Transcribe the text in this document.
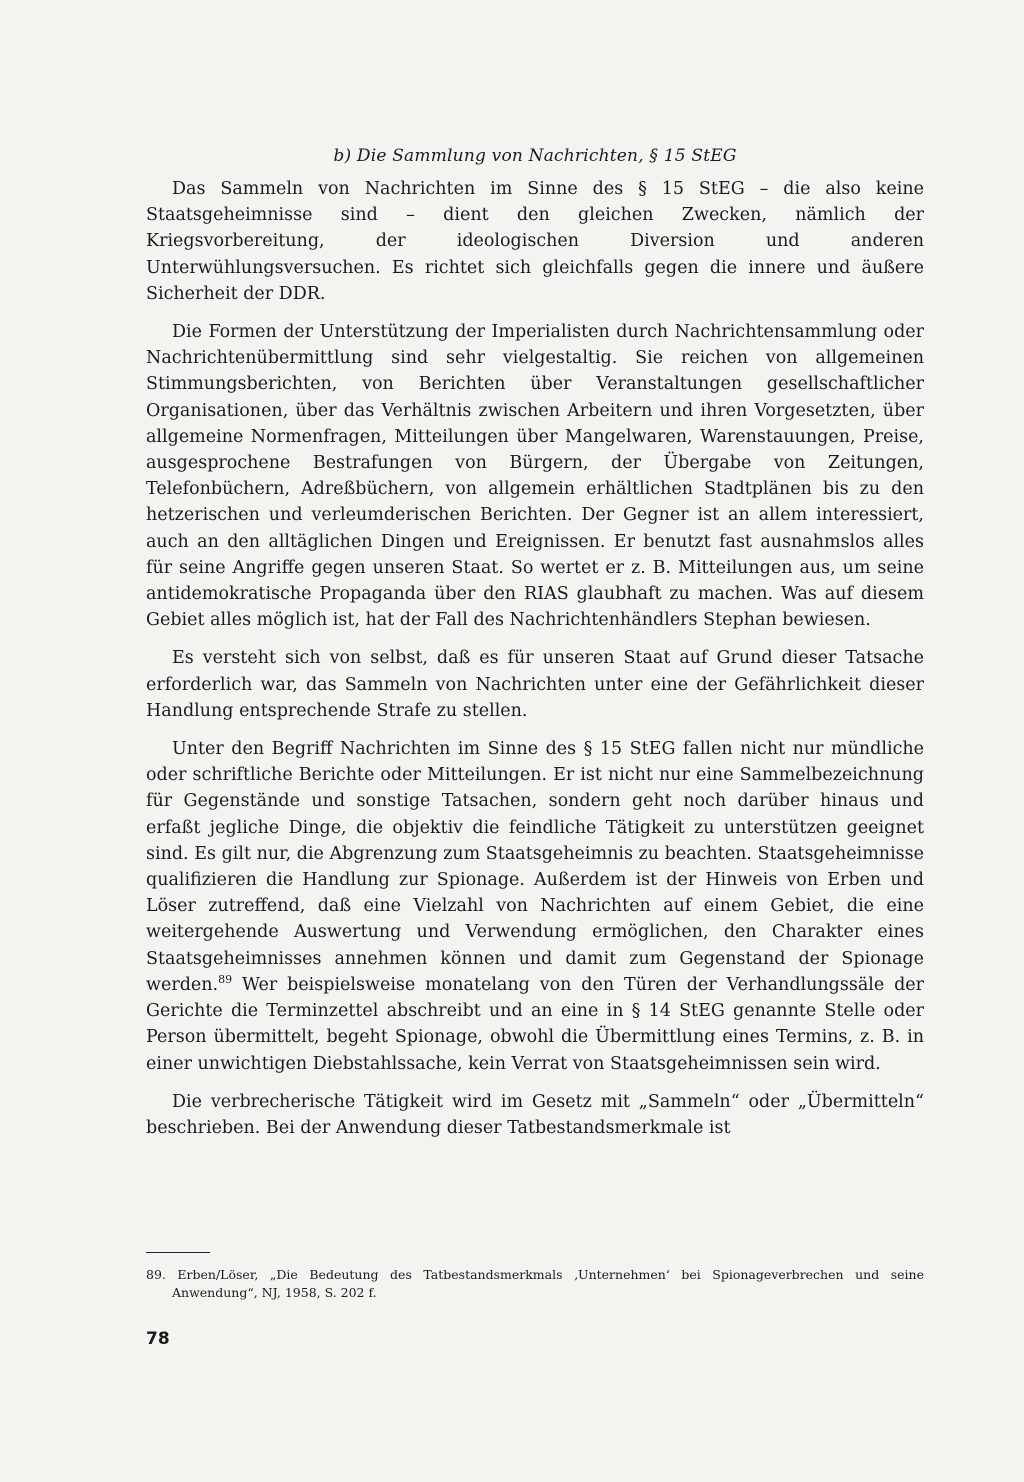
b) Die Sammlung von Nachrichten, § 15 StEG

Das Sammeln von Nachrichten im Sinne des § 15 StEG – die also keine Staatsgeheimnisse sind – dient den gleichen Zwecken, nämlich der Kriegsvorbereitung, der ideologischen Diversion und anderen Unterwühlungsversuchen. Es richtet sich gleichfalls gegen die innere und äußere Sicherheit der DDR.

Die Formen der Unterstützung der Imperialisten durch Nachrichtensammlung oder Nachrichtenübermittlung sind sehr vielgestaltig. Sie reichen von allgemeinen Stimmungsberichten, von Berichten über Veranstaltungen gesellschaftlicher Organisationen, über das Verhältnis zwischen Arbeitern und ihren Vorgesetzten, über allgemeine Normenfragen, Mitteilungen über Mangelwaren, Warenstauungen, Preise, ausgesprochene Bestrafungen von Bürgern, der Übergabe von Zeitungen, Telefonbüchern, Adreßbüchern, von allgemein erhältlichen Stadtplänen bis zu den hetzerischen und verleumderischen Berichten. Der Gegner ist an allem interessiert, auch an den alltäglichen Dingen und Ereignissen. Er benutzt fast ausnahmslos alles für seine Angriffe gegen unseren Staat. So wertet er z. B. Mitteilungen aus, um seine antidemokratische Propaganda über den RIAS glaubhaft zu machen. Was auf diesem Gebiet alles möglich ist, hat der Fall des Nachrichtenhändlers Stephan bewiesen.

Es versteht sich von selbst, daß es für unseren Staat auf Grund dieser Tatsache erforderlich war, das Sammeln von Nachrichten unter eine der Gefährlichkeit dieser Handlung entsprechende Strafe zu stellen.

Unter den Begriff Nachrichten im Sinne des § 15 StEG fallen nicht nur mündliche oder schriftliche Berichte oder Mitteilungen. Er ist nicht nur eine Sammelbezeichnung für Gegenstände und sonstige Tatsachen, sondern geht noch darüber hinaus und erfaßt jegliche Dinge, die objektiv die feindliche Tätigkeit zu unterstützen geeignet sind. Es gilt nur, die Abgrenzung zum Staatsgeheimnis zu beachten. Staatsgeheimnisse qualifizieren die Handlung zur Spionage. Außerdem ist der Hinweis von Erben und Löser zutreffend, daß eine Vielzahl von Nachrichten auf einem Gebiet, die eine weitergehende Auswertung und Verwendung ermöglichen, den Charakter eines Staatsgeheimnisses annehmen können und damit zum Gegenstand der Spionage werden.$^{89}$ Wer beispielsweise monatelang von den Türen der Verhandlungssäle der Gerichte die Terminzettel abschreibt und an eine in § 14 StEG genannte Stelle oder Person übermittelt, begeht Spionage, obwohl die Übermittlung eines Termins, z. B. in einer unwichtigen Diebstahlssache, kein Verrat von Staatsgeheimnissen sein wird.

Die verbrecherische Tätigkeit wird im Gesetz mit „Sammeln“ oder „Übermitteln“ beschrieben. Bei der Anwendung dieser Tatbestandsmerkmale ist

89. Erben/Löser, „Die Bedeutung des Tatbestandsmerkmals ‚Unternehmen‘ bei Spionageverbrechen und seine Anwendung“, NJ, 1958, S. 202 f.
78
